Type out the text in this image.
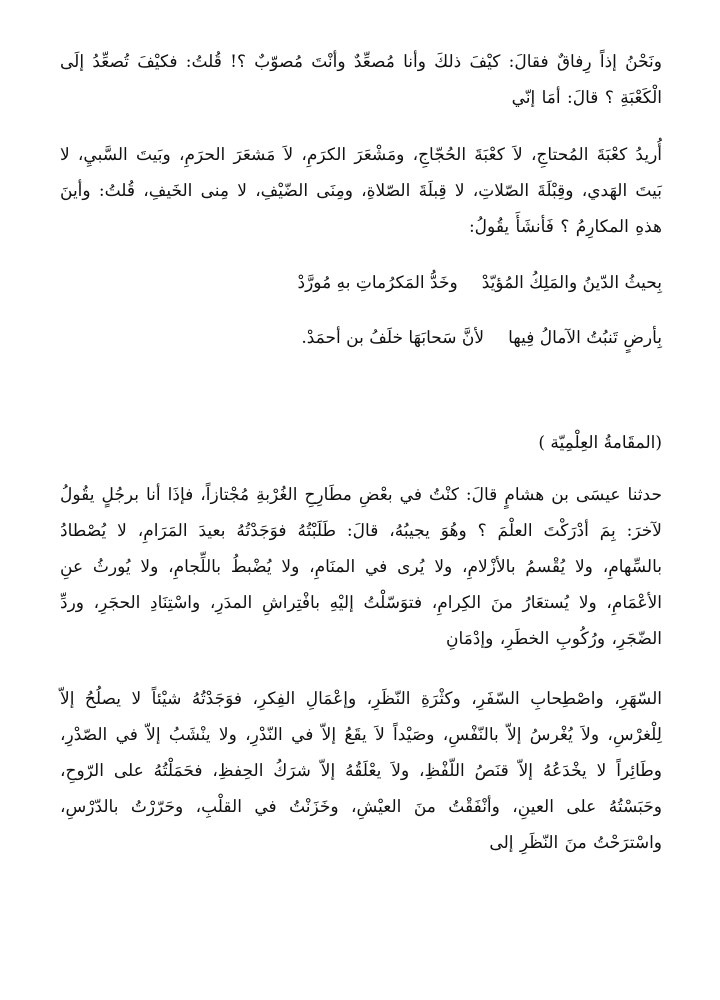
ونَحْنُ إذاً رِفاقٌ فقالَ: كيْفَ ذلكَ وأنا مُصعِّدٌ وأنْتَ مُصوّبٌ ؟! قُلتُ: فكيْفَ تُصعِّدُ إلَى الْكَعْبَةِ ؟ قالَ: أمَا إنّي

أُريدُ كعْبَةَ المُحتاجِ، لاَ كعْبَةَ الحُجّاجِ، ومَشْعَرَ الكرَمِ، لاَ مَشعَرَ الحرَمِ، وبَيتَ السَّبيِ، لا بَيتَ الهَدي، وقِبْلَةَ الصّلاتِ، لا قِبلَةَ الصّلاةِ، ومِنَى الضّيْفِ، لا مِنى الخَيفِ، قُلتُ: وأينَ هذهِ المكارِمُ ؟ فَأنشَأَ يقُولُ:

بِحيثُ الدّينُ والمَلِكُ المُؤيّدْ
وخَدُّ المَكرُماتِ بهِ مُورَّدْ
بِأرضٍ تَنبُتُ الآمالُ فِيها
لأنَّ سَحابَهَا خلَفُ بن أحمَدْ.
(المقَامةُ العِلْمِيّة )

حدثنا عيسَى بن هشامٍ قالَ: كنْتُ في بعْضِ مطَارِحِ الغُرْبةِ مُجْتازاً، فإذَا أنا برجُلٍ يقُولُ لآخرَ: بِمَ أدْرَكْتَ العلْمَ ؟ وهُوَ يجيبُهُ، قالَ: طَلَبْتُهُ فوَجَدْتُهُ بعيدَ المَرَامِ، لا يُصْطادُ بالسِّهامِ، ولا يُقْسمُ بالأزْلامِ، ولا يُرى في المنَامِ، ولا يُضْبطُ باللِّجامِ، ولا يُورثُ عنِ الأعْمَامِ، ولا يُستعَارُ منَ الكِرامِ، فتوَسّلْتُ إليْهِ بافْتِراشِ المدَرِ، واسْتِنَادِ الحجَرِ، وردِّ الضّجَرِ، ورُكُوبِ الخطَرِ، وإدْمَانِ

السّهَرِ، واصْطِحابِ السّفَرِ، وكثْرَةِ النّظَرِ، وإعْمَالِ الفِكرِ، فوَجَدْتُهُ شيْئاً لا يصلُحُ إلاّ لِلْغرْسِ، ولاَ يُغْرسُ إلاّ بالنّفْسِ، وصَيْداً لاَ يقَعُ إلاّ في النّدْرِ، ولا ينْشَبُ إلاّ في الصّدْرِ، وطَائِراً لا يخْدَعُهُ إلاّ قنَصُ اللّفْظِ، ولاَ يعْلَقُهُ إلاّ شرَكُ الحِفظِ، فحَمَلْتُهُ على الرّوحِ، وحَبَسْتُهُ على العينِ، وأنْفَقْتُ منَ العيْشِ، وخَزَنْتُ في القلْبِ، وحَرّرْتُ بالدّرْسِ، واسْترَحْتُ منَ النّظَرِ إلى
